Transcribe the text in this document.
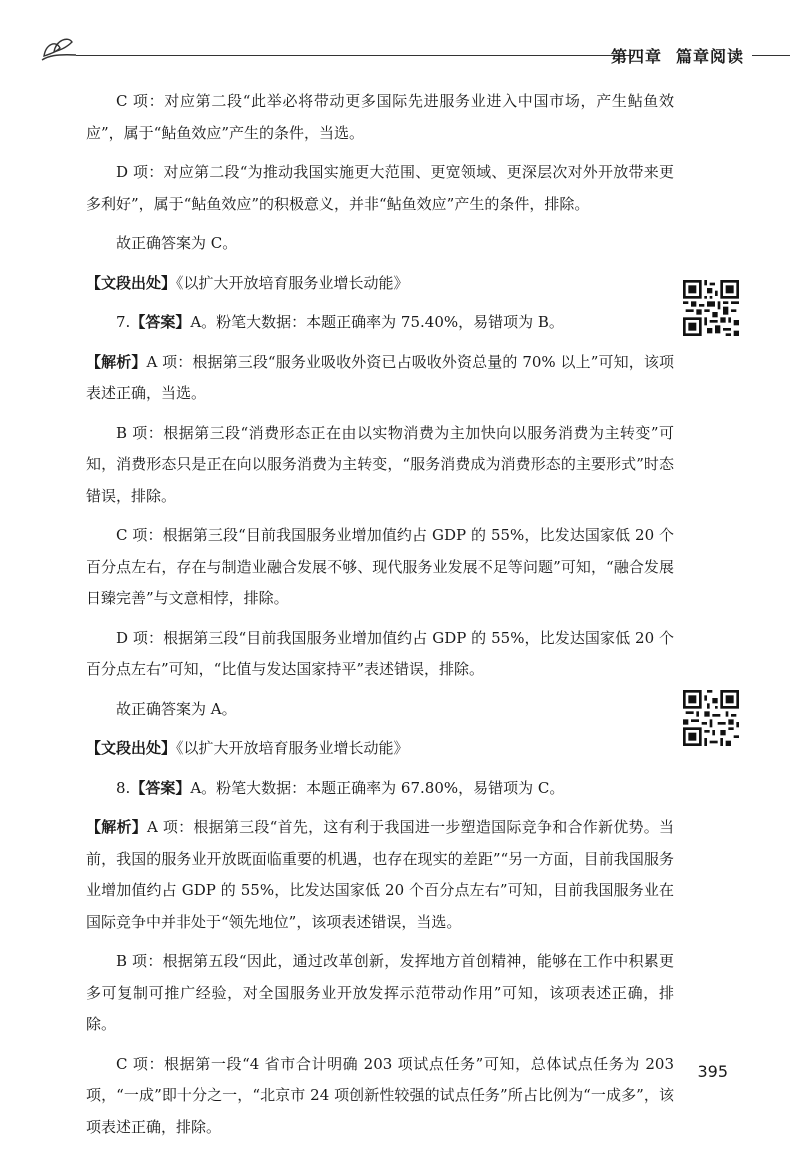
第四章 篇章阅读

C 项：对应第二段“此举必将带动更多国际先进服务业进入中国市场，产生鲇鱼效应”，属于“鲇鱼效应”产生的条件，当选。

D 项：对应第二段“为推动我国实施更大范围、更宽领域、更深层次对外开放带来更多利好”，属于“鲇鱼效应”的积极意义，并非“鲇鱼效应”产生的条件，排除。

故正确答案为 C。

【文段出处】《以扩大开放培育服务业增长动能》

7.【答案】A。粉笔大数据：本题正确率为 75.40%，易错项为 B。

【解析】A 项：根据第三段“服务业吸收外资已占吸收外资总量的 70% 以上”可知，该项表述正确，当选。

B 项：根据第三段“消费形态正在由以实物消费为主加快向以服务消费为主转变”可知，消费形态只是正在向以服务消费为主转变，“服务消费成为消费形态的主要形式”时态错误，排除。

C 项：根据第三段“目前我国服务业增加值约占 GDP 的 55%，比发达国家低 20 个百分点左右，存在与制造业融合发展不够、现代服务业发展不足等问题”可知，“融合发展日臻完善”与文意相悖，排除。

D 项：根据第三段“目前我国服务业增加值约占 GDP 的 55%，比发达国家低 20 个百分点左右”可知，“比值与发达国家持平”表述错误，排除。

故正确答案为 A。

【文段出处】《以扩大开放培育服务业增长动能》

8.【答案】A。粉笔大数据：本题正确率为 67.80%，易错项为 C。

【解析】A 项：根据第三段“首先，这有利于我国进一步塑造国际竞争和合作新优势。当前，我国的服务业开放既面临重要的机遇，也存在现实的差距”“另一方面，目前我国服务业增加值约占 GDP 的 55%，比发达国家低 20 个百分点左右”可知，目前我国服务业在国际竞争中并非处于“领先地位”，该项表述错误，当选。

B 项：根据第五段“因此，通过改革创新，发挥地方首创精神，能够在工作中积累更多可复制可推广经验，对全国服务业开放发挥示范带动作用”可知，该项表述正确，排除。

C 项：根据第一段“4 省市合计明确 203 项试点任务”可知，总体试点任务为 203 项，“一成”即十分之一，“北京市 24 项创新性较强的试点任务”所占比例为“一成多”，该项表述正确，排除。

395
